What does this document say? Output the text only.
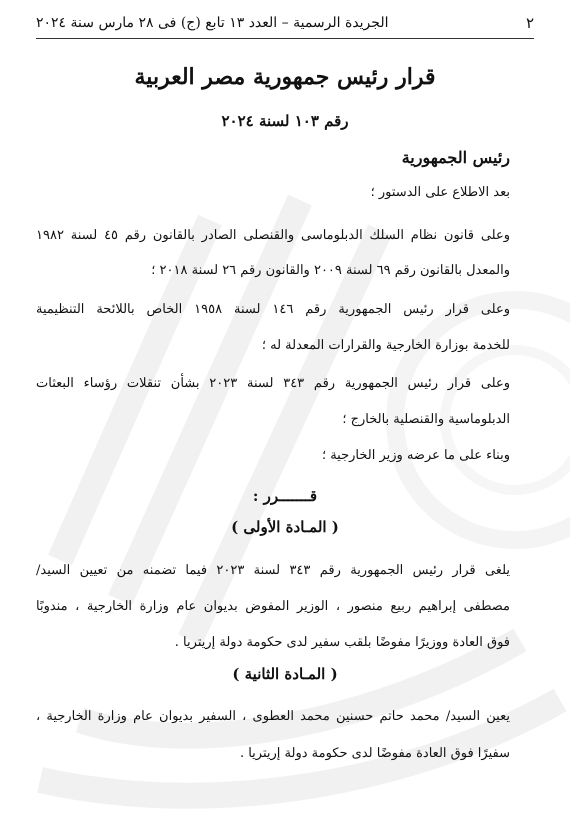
الجريدة الرسمية – العدد ١٣ تابع (ج) فى ٢٨ مارس سنة ٢٠٢٤	٢
قرار رئيس جمهورية مصر العربية
رقم ١٠٣ لسنة ٢٠٢٤
رئيس الجمهورية
بعد الاطلاع على الدستور ؛
وعلى قانون نظام السلك الدبلوماسى والقنصلى الصادر بالقانون رقم ٤٥ لسنة ١٩٨٢
والمعدل بالقانون رقم ٦٩ لسنة ٢٠٠٩ والقانون رقم ٢٦ لسنة ٢٠١٨ ؛
وعلى قرار رئيس الجمهورية رقم ١٤٦ لسنة ١٩٥٨ الخاص باللائحة التنظيمية
للخدمة بوزارة الخارجية والقرارات المعدلة له ؛
وعلى قرار رئيس الجمهورية رقم ٣٤٣ لسنة ٢٠٢٣ بشأن تنقلات رؤساء البعثات
الدبلوماسية والقنصلية بالخارج ؛
وبناء على ما عرضه وزير الخارجية ؛
قـــــــرر :
( المـادة الأولى )
يلغى قرار رئيس الجمهورية رقم ٣٤٣ لسنة ٢٠٢٣ فيما تضمنه من تعيين السيد/
مصطفى إبراهيم ربيع منصور ، الوزير المفوض بديوان عام وزارة الخارجية ، مندوبًا
فوق العادة ووزيرًا مفوضًا بلقب سفير لدى حكومة دولة إريتريا .
( المـادة الثانية )
يعين السيد/ محمد حاتم حسنين محمد العطوى ، السفير بديوان عام وزارة الخارجية ،
سفيرًا فوق العادة مفوضًا لدى حكومة دولة إريتريا .
